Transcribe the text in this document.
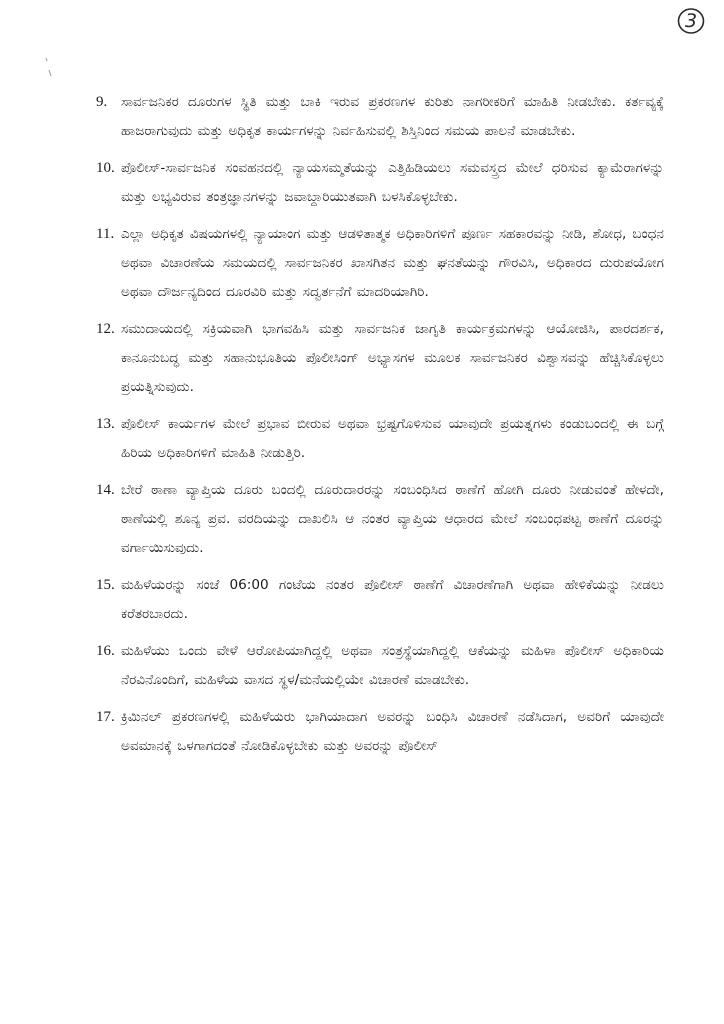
3
9. ಸಾರ್ವಜನಿಕರ ದೂರುಗಳ ಸ್ಥಿತಿ ಮತ್ತು ಬಾಕಿ ಇರುವ ಪ್ರಕರಣಗಳ ಕುರಿತು ನಾಗರೀಕರಿಗೆ ಮಾಹಿತಿ ನೀಡಬೇಕು. ಕರ್ತವ್ಯಕ್ಕೆ ಹಾಜರಾಗುವುದು ಮತ್ತು ಅಧಿಕೃತ ಕಾರ್ಯಗಳನ್ನು ನಿರ್ವಹಿಸುವಲ್ಲಿ ಶಿಸ್ತಿನಿಂದ ಸಮಯ ಪಾಲನೆ ಮಾಡಬೇಕು.
10. ಪೊಲೀಸ್-ಸಾರ್ವಜನಿಕ ಸಂವಹನದಲ್ಲಿ ನ್ಯಾಯಸಮ್ಮತೆಯನ್ನು ಎತ್ತಿಹಿಡಿಯಲು ಸಮವಸ್ತ್ರದ ಮೇಲೆ ಧರಿಸುವ ಕ್ಯಾಮೆರಾಗಳನ್ನು ಮತ್ತು ಲಭ್ಯವಿರುವ ತಂತ್ರಜ್ಞಾನಗಳನ್ನು ಜವಾಬ್ದಾರಿಯುತವಾಗಿ ಬಳಸಿಕೊಳ್ಳಬೇಕು.
11. ಎಲ್ಲಾ ಅಧಿಕೃತ ವಿಷಯಗಳಲ್ಲಿ ನ್ಯಾಯಾಂಗ ಮತ್ತು ಆಡಳಿತಾತ್ಮಕ ಅಧಿಕಾರಿಗಳಿಗೆ ಪೂರ್ಣ ಸಹಕಾರವನ್ನು ನೀಡಿ, ಶೋಧ, ಬಂಧನ ಅಥವಾ ವಿಚಾರಣೆಯ ಸಮಯದಲ್ಲಿ ಸಾರ್ವಜನಿಕರ ಖಾಸಗಿತನ ಮತ್ತು ಘನತೆಯನ್ನು ಗೌರವಿಸಿ, ಅಧಿಕಾರದ ದುರುಪಯೋಗ ಅಥವಾ ದೌರ್ಜನ್ಯದಿಂದ ದೂರವಿರಿ ಮತ್ತು ಸದ್ವರ್ತನೆಗೆ ಮಾದರಿಯಾಗಿರಿ.
12. ಸಮುದಾಯದಲ್ಲಿ ಸಕ್ರಿಯವಾಗಿ ಭಾಗವಹಿಸಿ ಮತ್ತು ಸಾರ್ವಜನಿಕ ಜಾಗೃತಿ ಕಾರ್ಯಕ್ರಮಗಳನ್ನು ಆಯೋಜಿಸಿ, ಪಾರದರ್ಶಕ, ಕಾನೂನುಬದ್ಧ ಮತ್ತು ಸಹಾನುಭೂತಿಯ ಪೊಲೀಸಿಂಗ್ ಅಭ್ಯಾಸಗಳ ಮೂಲಕ ಸಾರ್ವಜನಿಕರ ವಿಶ್ವಾಸವನ್ನು ಹೆಚ್ಚಿಸಿಕೊಳ್ಳಲು ಪ್ರಯತ್ನಿಸುವುದು.
13. ಪೊಲೀಸ್ ಕಾರ್ಯಗಳ ಮೇಲೆ ಪ್ರಭಾವ ಬೀರುವ ಅಥವಾ ಭ್ರಷ್ಟಗೊಳಿಸುವ ಯಾವುದೇ ಪ್ರಯತ್ನಗಳು ಕಂಡುಬಂದಲ್ಲಿ ಈ ಬಗ್ಗೆ ಹಿರಿಯ ಅಧಿಕಾರಿಗಳಿಗೆ ಮಾಹಿತಿ ನೀಡುತ್ತಿರಿ.
14. ಬೇರೆ ಠಾಣಾ ವ್ಯಾಪ್ತಿಯ ದೂರು ಬಂದಲ್ಲಿ ದೂರುದಾರರನ್ನು ಸಂಬಂಧಿಸಿದ ಠಾಣೆಗೆ ಹೋಗಿ ದೂರು ನೀಡುವಂತೆ ಹೇಳದೇ, ಠಾಣೆಯಲ್ಲಿ ಶೂನ್ಯ ಪ್ರವ. ವರದಿಯನ್ನು ದಾಖಲಿಸಿ ಆ ನಂತರ ವ್ಯಾಪ್ತಿಯ ಆಧಾರದ ಮೇಲೆ ಸಂಬಂಧಪಟ್ಟ ಠಾಣೆಗೆ ದೂರನ್ನು ವರ್ಗಾಯಿಸುವುದು.
15. ಮಹಿಳೆಯರನ್ನು ಸಂಜೆ 06:00 ಗಂಟೆಯ ನಂತರ ಪೊಲೀಸ್ ಠಾಣೆಗೆ ವಿಚಾರಣೆಗಾಗಿ ಅಥವಾ ಹೇಳಿಕೆಯನ್ನು ನೀಡಲು ಕರೆತರಬಾರದು.
16. ಮಹಿಳೆಯು ಒಂದು ವೇಳೆ ಆರೋಪಿಯಾಗಿದ್ದಲ್ಲಿ ಅಥವಾ ಸಂತ್ರಸ್ಥೆಯಾಗಿದ್ದಲ್ಲಿ ಆಕೆಯನ್ನು ಮಹಿಳಾ ಪೊಲೀಸ್ ಅಧಿಕಾರಿಯ ನೆರವಿನೊಂದಿಗೆ, ಮಹಿಳೆಯ ವಾಸದ ಸ್ಥಳ/ಮನೆಯಲ್ಲಿಯೇ ವಿಚಾರಣೆ ಮಾಡಬೇಕು.
17. ಕ್ರಿಮಿನಲ್ ಪ್ರಕರಣಗಳಲ್ಲಿ ಮಹಿಳೆಯರು ಭಾಗಿಯಾದಾಗ ಅವರನ್ನು ಬಂಧಿಸಿ ವಿಚಾರಣೆ ನಡೆಸಿದಾಗ, ಅವರಿಗೆ ಯಾವುದೇ ಅವಮಾನಕ್ಕೆ ಒಳಗಾಗದಂತೆ ನೋಡಿಕೊಳ್ಳಬೇಕು ಮತ್ತು ಅವರನ್ನು ಪೊಲೀಸ್
